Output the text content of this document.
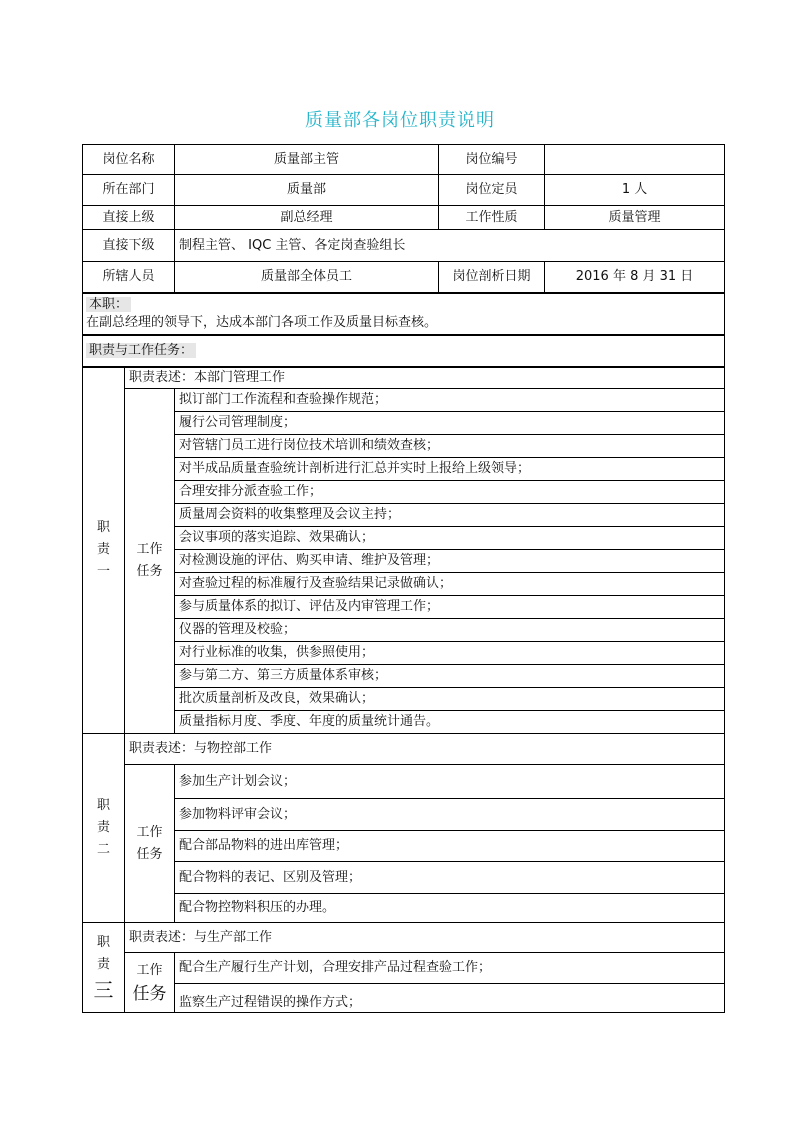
质量部各岗位职责说明
岗位名称		质量部主管	岗位编号	
所在部门		质量部	岗位定员	1 人
直接上级		副总经理	工作性质	质量管理
直接下级		制程主管、 IQC 主管、各定岗查验组长		
所辖人员		质量部全体员工	岗位剖析日期	2016 年 8 月 31 日

本职：
在副总经理的领导下，达成本部门各项工作及质量目标查核。				

职责与工作任务：				

职
责
一	职责表述：本部门管理工作			

	工作
任务	拟订部门工作流程和查验操作规范；		
		履行公司管理制度；		
		对管辖门员工进行岗位技术培训和绩效查核；		
		对半成品质量查验统计剖析进行汇总并实时上报给上级领导；		
		合理安排分派查验工作；		
		质量周会资料的收集整理及会议主持；		
		会议事项的落实追踪、效果确认；		
		对检测设施的评估、购买申请、维护及管理；		
		对查验过程的标准履行及查验结果记录做确认；		
		参与质量体系的拟订、评估及内审管理工作；		
		仪器的管理及校验；		
		对行业标准的收集，供参照使用；		
		参与第二方、第三方质量体系审核；		
		批次质量剖析及改良，效果确认；		
		质量指标月度、季度、年度的质量统计通告。		

职
责
二	职责表述：与物控部工作			

	工作
任务	参加生产计划会议；		
		参加物料评审会议；		
		配合部品物料的进出库管理；		
		配合物料的表记、区别及管理；		
		配合物控物料积压的办理。		

职
责
三	职责表述：与生产部工作			

	工作
任务	配合生产履行生产计划，合理安排产品过程查验工作；		
		监察生产过程错误的操作方式；		
